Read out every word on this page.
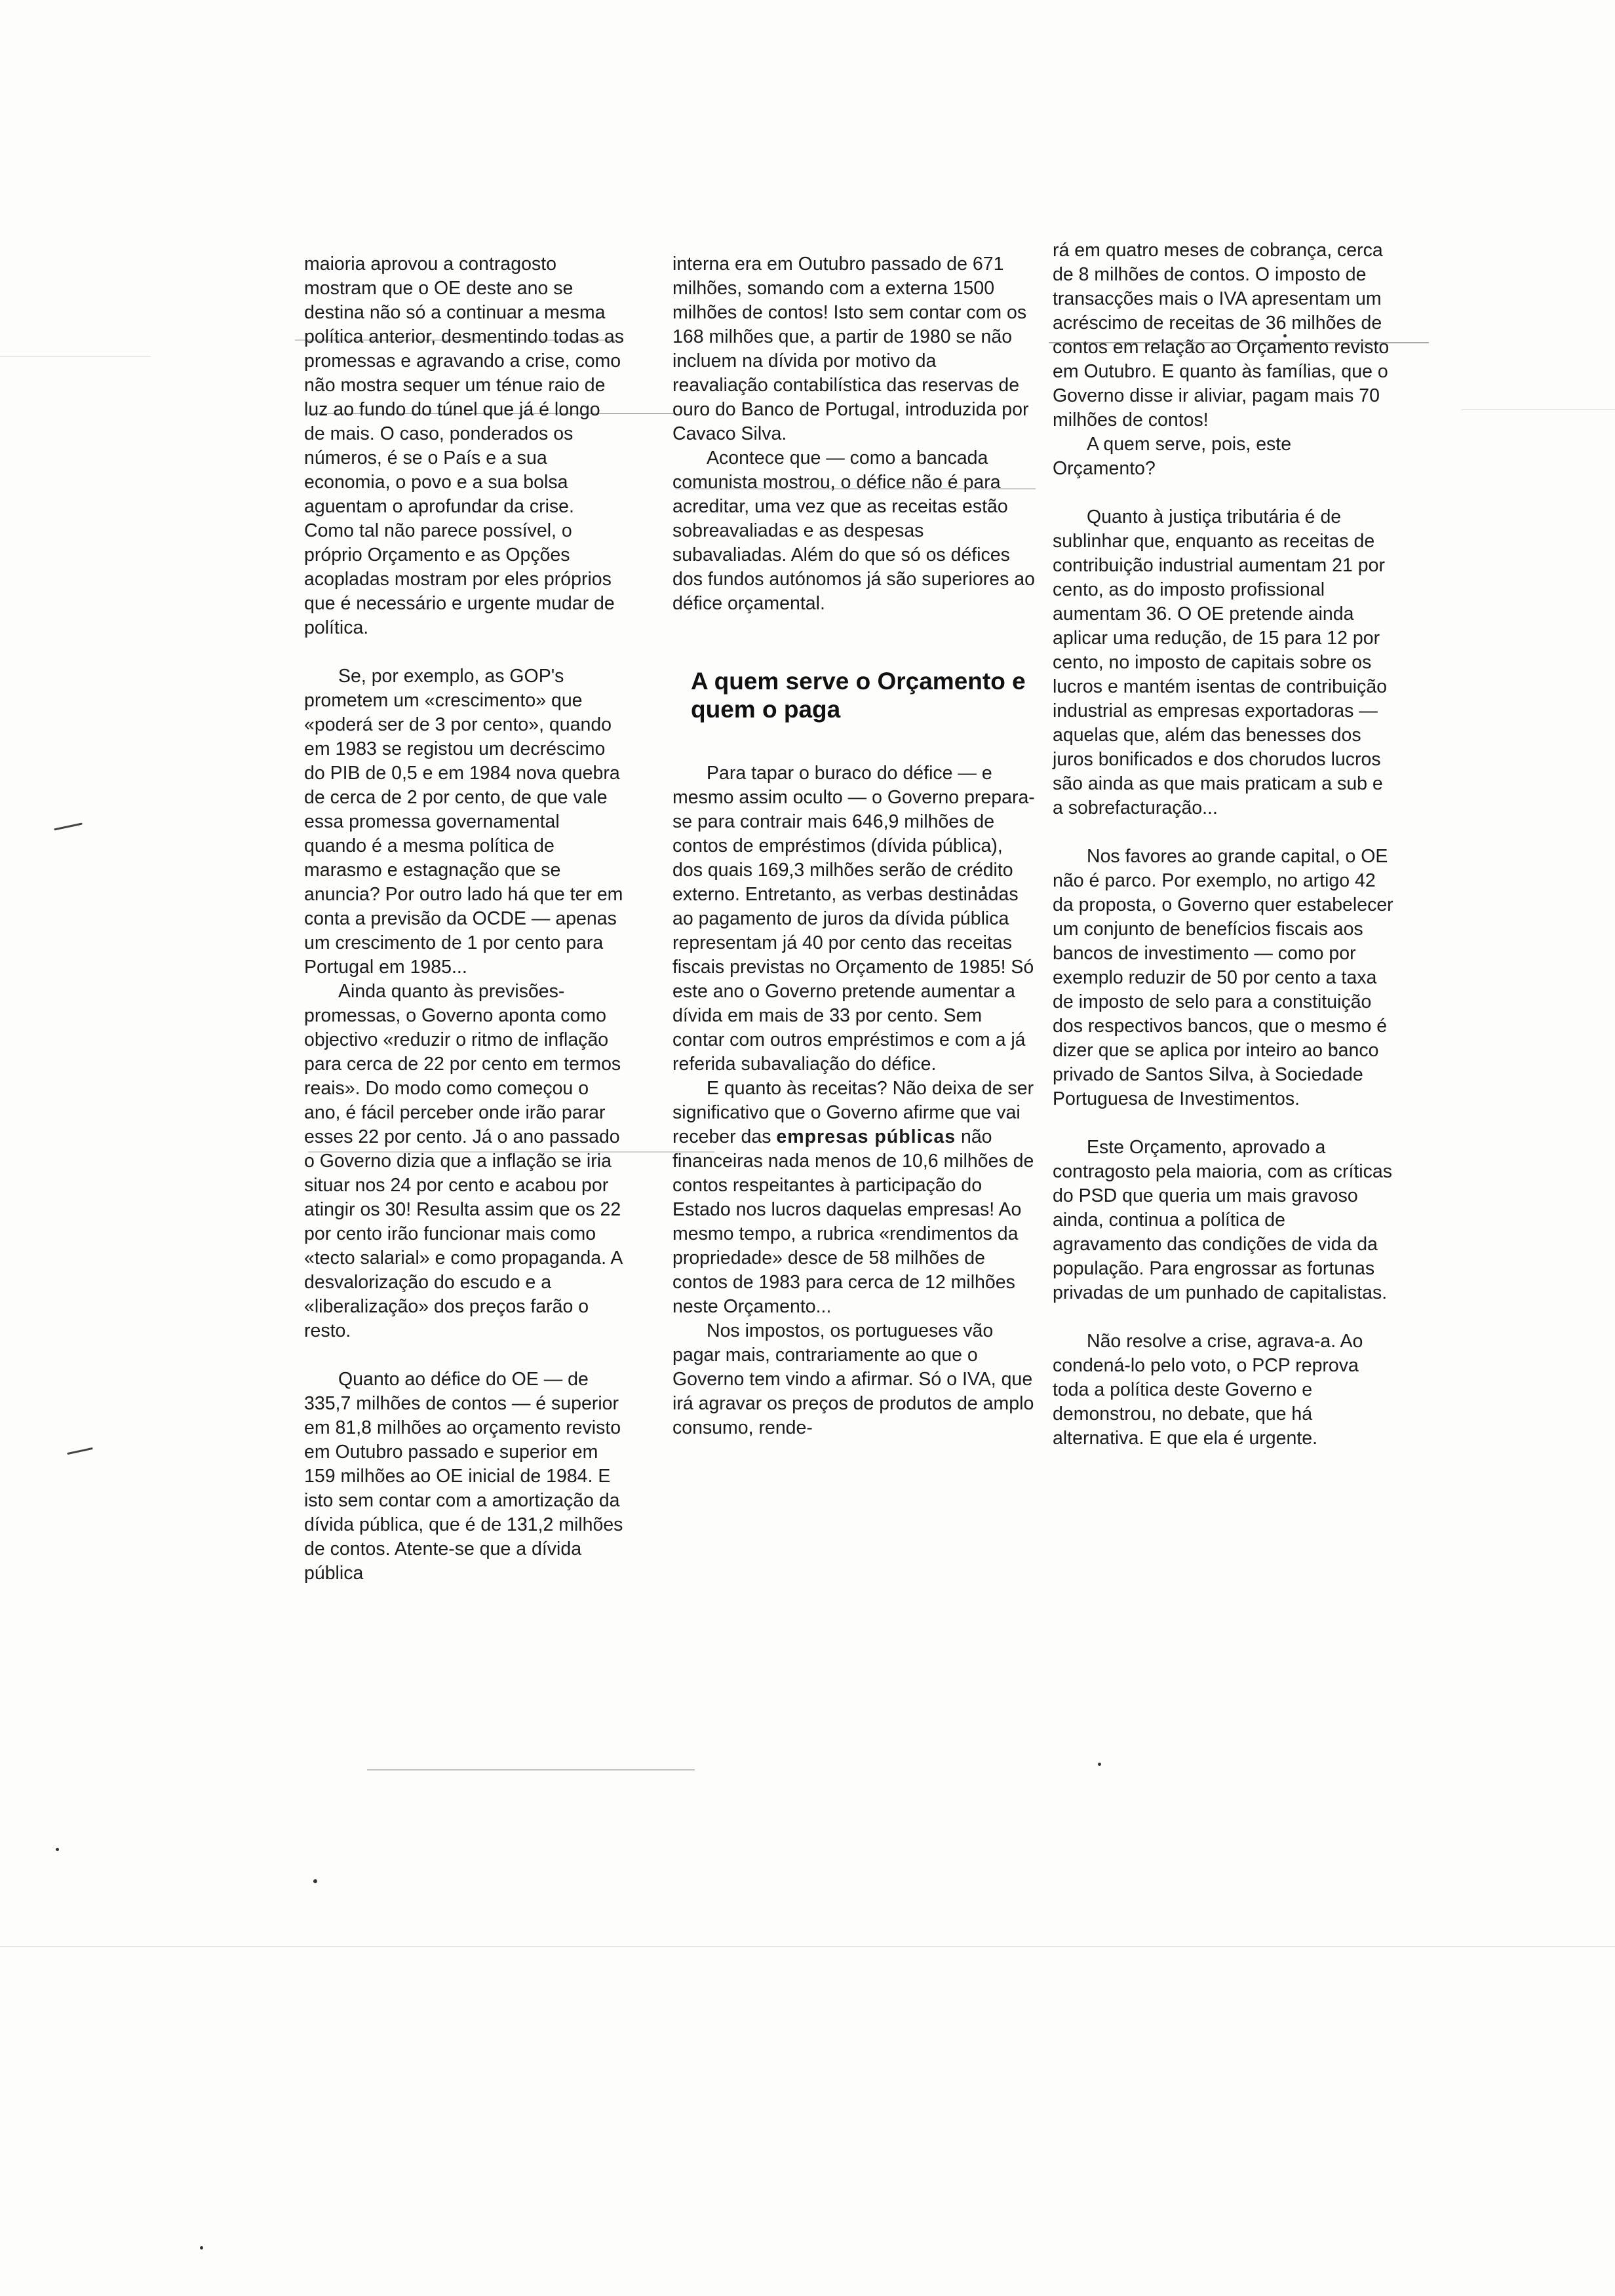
maioria aprovou a contragosto mostram que o OE deste ano se destina não só a continuar a mesma política anterior, desmentindo todas as promessas e agravando a crise, como não mostra sequer um ténue raio de luz ao fundo do túnel que já é longo de mais. O caso, ponderados os números, é se o País e a sua economia, o povo e a sua bolsa aguentam o aprofundar da crise. Como tal não parece possível, o próprio Orçamento e as Opções acopladas mostram por eles próprios que é necessário e urgente mudar de política.

Se, por exemplo, as GOP's prometem um «crescimento» que «poderá ser de 3 por cento», quando em 1983 se registou um decréscimo do PIB de 0,5 e em 1984 nova quebra de cerca de 2 por cento, de que vale essa promessa governamental quando é a mesma política de marasmo e estagnação que se anuncia? Por outro lado há que ter em conta a previsão da OCDE — apenas um crescimento de 1 por cento para Portugal em 1985...

Ainda quanto às previsões-promessas, o Governo aponta como objectivo «reduzir o ritmo de inflação para cerca de 22 por cento em termos reais». Do modo como começou o ano, é fácil perceber onde irão parar esses 22 por cento. Já o ano passado o Governo dizia que a inflação se iria situar nos 24 por cento e acabou por atingir os 30! Resulta assim que os 22 por cento irão funcionar mais como «tecto salarial» e como propaganda. A desvalorização do escudo e a «liberalização» dos preços farão o resto.

Quanto ao défice do OE — de 335,7 milhões de contos — é superior em 81,8 milhões ao orçamento revisto em Outubro passado e superior em 159 milhões ao OE inicial de 1984. E isto sem contar com a amortização da dívida pública, que é de 131,2 milhões de contos. Atente-se que a dívida pública

interna era em Outubro passado de 671 milhões, somando com a externa 1500 milhões de contos! Isto sem contar com os 168 milhões que, a partir de 1980 se não incluem na dívida por motivo da reavaliação contabilística das reservas de ouro do Banco de Portugal, introduzida por Cavaco Silva.

Acontece que — como a bancada comunista mostrou, o défice não é para acreditar, uma vez que as receitas estão sobreavaliadas e as despesas subavaliadas. Além do que só os défices dos fundos autónomos já são superiores ao défice orçamental.

A quem serve o Orçamento e quem o paga

Para tapar o buraco do défice — e mesmo assim oculto — o Governo prepara-se para contrair mais 646,9 milhões de contos de empréstimos (dívida pública), dos quais 169,3 milhões serão de crédito externo. Entretanto, as verbas destinadas ao pagamento de juros da dívida pública representam já 40 por cento das receitas fiscais previstas no Orçamento de 1985! Só este ano o Governo pretende aumentar a dívida em mais de 33 por cento. Sem contar com outros empréstimos e com a já referida subavaliação do défice.

E quanto às receitas? Não deixa de ser significativo que o Governo afirme que vai receber das empresas públicas não financeiras nada menos de 10,6 milhões de contos respeitantes à participação do Estado nos lucros daquelas empresas! Ao mesmo tempo, a rubrica «rendimentos da propriedade» desce de 58 milhões de contos de 1983 para cerca de 12 milhões neste Orçamento...

Nos impostos, os portugueses vão pagar mais, contrariamente ao que o Governo tem vindo a afirmar. Só o IVA, que irá agravar os preços de produtos de amplo consumo, rende-

rá em quatro meses de cobrança, cerca de 8 milhões de contos. O imposto de transacções mais o IVA apresentam um acréscimo de receitas de 36 milhões de contos em relação ao Orçamento revisto em Outubro. E quanto às famílias, que o Governo disse ir aliviar, pagam mais 70 milhões de contos!

A quem serve, pois, este Orçamento?

Quanto à justiça tributária é de sublinhar que, enquanto as receitas de contribuição industrial aumentam 21 por cento, as do imposto profissional aumentam 36. O OE pretende ainda aplicar uma redução, de 15 para 12 por cento, no imposto de capitais sobre os lucros e mantém isentas de contribuição industrial as empresas exportadoras — aquelas que, além das benesses dos juros bonificados e dos chorudos lucros são ainda as que mais praticam a sub e a sobrefacturação...

Nos favores ao grande capital, o OE não é parco. Por exemplo, no artigo 42 da proposta, o Governo quer estabelecer um conjunto de benefícios fiscais aos bancos de investimento — como por exemplo reduzir de 50 por cento a taxa de imposto de selo para a constituição dos respectivos bancos, que o mesmo é dizer que se aplica por inteiro ao banco privado de Santos Silva, à Sociedade Portuguesa de Investimentos.

Este Orçamento, aprovado a contragosto pela maioria, com as críticas do PSD que queria um mais gravoso ainda, continua a política de agravamento das condições de vida da população. Para engrossar as fortunas privadas de um punhado de capitalistas.

Não resolve a crise, agrava-a. Ao condená-lo pelo voto, o PCP reprova toda a política deste Governo e demonstrou, no debate, que há alternativa. E que ela é urgente.
